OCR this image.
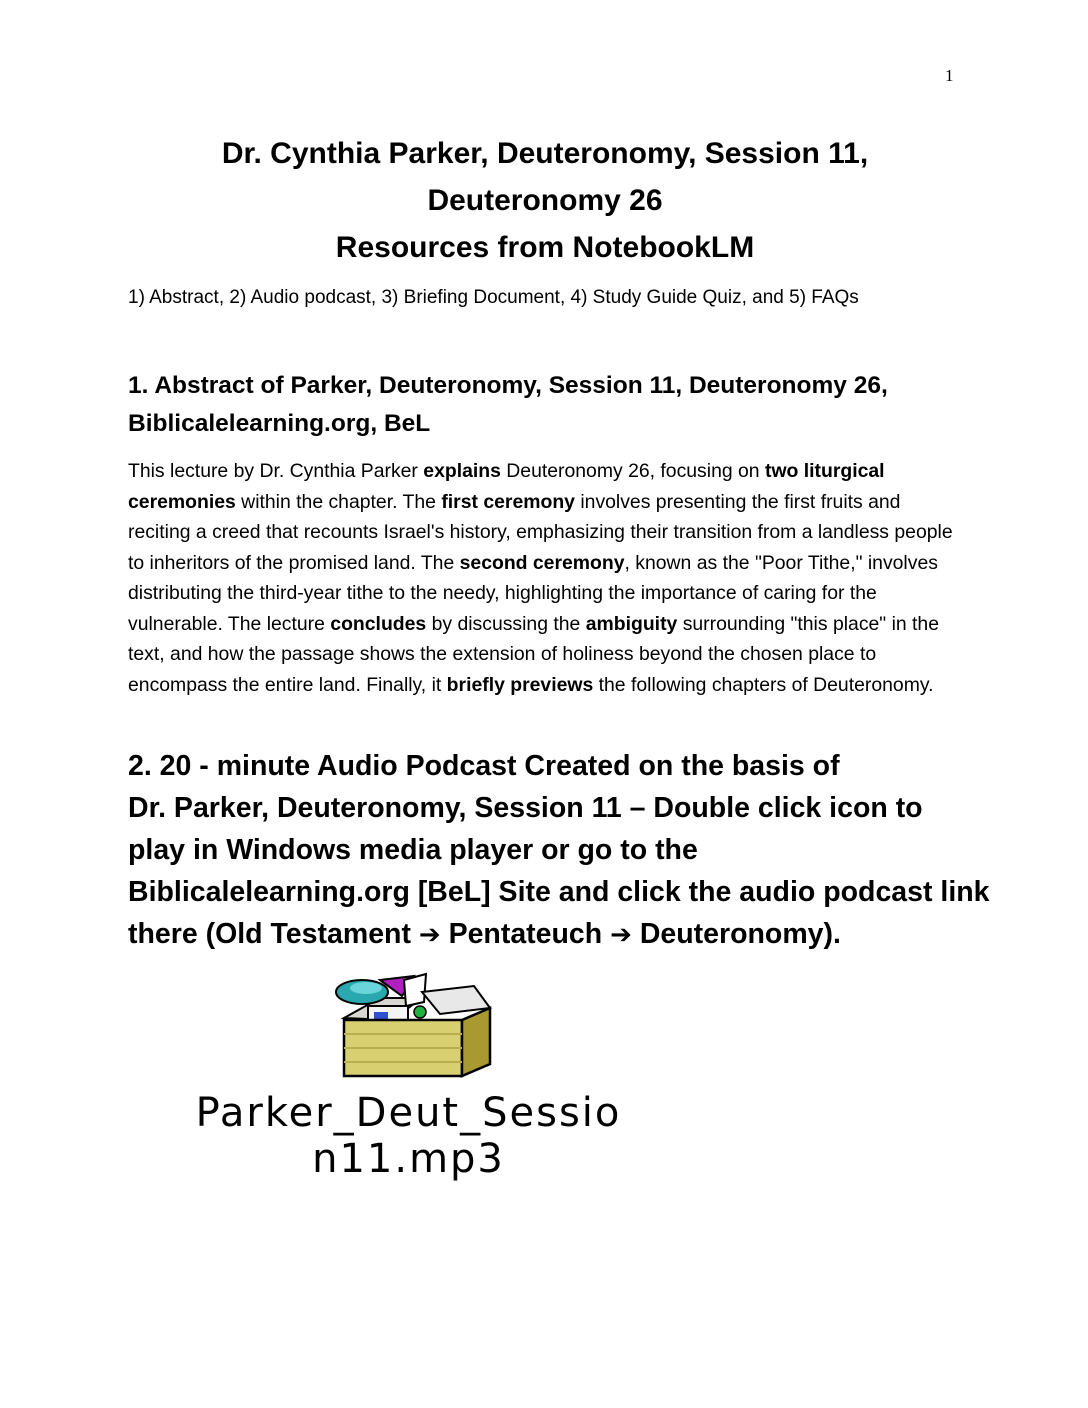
1
Dr. Cynthia Parker, Deuteronomy, Session 11,
Deuteronomy 26
Resources from NotebookLM

1) Abstract, 2) Audio podcast, 3) Briefing Document, 4) Study Guide Quiz, and 5) FAQs

1. Abstract of Parker, Deuteronomy, Session 11, Deuteronomy 26,
Biblicalelearning.org, BeL

This lecture by Dr. Cynthia Parker explains Deuteronomy 26, focusing on two liturgical ceremonies within the chapter. The first ceremony involves presenting the first fruits and reciting a creed that recounts Israel's history, emphasizing their transition from a landless people to inheritors of the promised land. The second ceremony, known as the "Poor Tithe," involves distributing the third-year tithe to the needy, highlighting the importance of caring for the vulnerable. The lecture concludes by discussing the ambiguity surrounding "this place" in the text, and how the passage shows the extension of holiness beyond the chosen place to encompass the entire land. Finally, it briefly previews the following chapters of Deuteronomy.

2. 20 - minute Audio Podcast Created on the basis of
Dr. Parker, Deuteronomy, Session 11 – Double click icon to
play in Windows media player or go to the
Biblicalelearning.org [BeL] Site and click the audio podcast link
there (Old Testament ➔ Pentateuch ➔ Deuteronomy).
Parker_Deut_Sessio
n11.mp3
